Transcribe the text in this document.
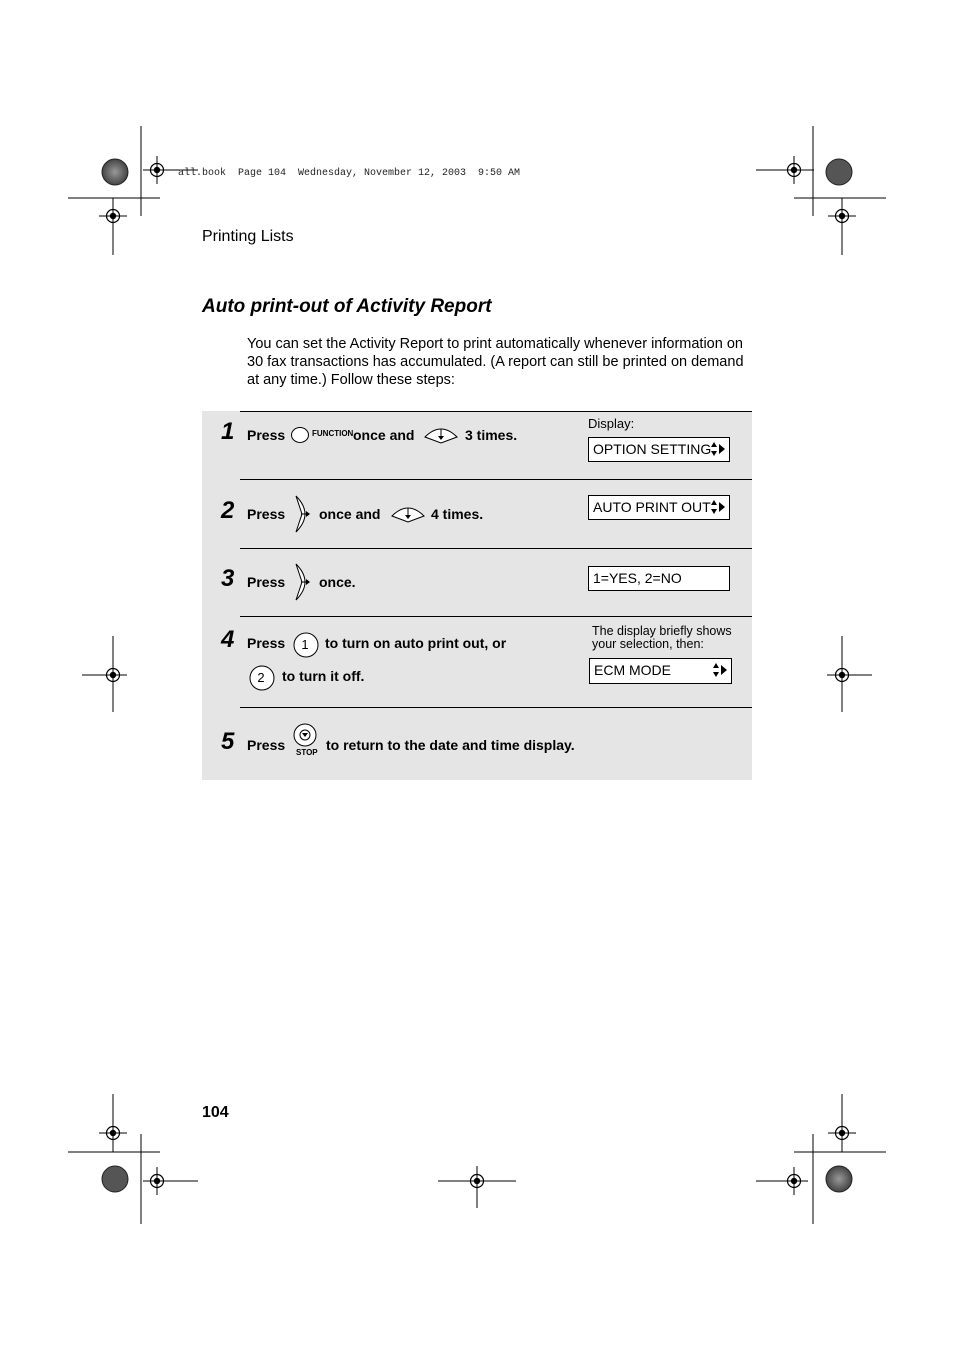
all.book  Page 104  Wednesday, November 12, 2003  9:50 AM
Printing Lists
Auto print-out of Activity Report
You can set the Activity Report to print automatically whenever information on 30 fax transactions has accumulated. (A report can still be printed on demand at any time.) Follow these steps:
1 Press	FUNCTION once and	3 times.
Display:
OPTION SETTING
2 Press once and	4 times.	AUTO PRINT OUT
3 Press once.	1=YES, 2=NO
4 Press	1	to turn on auto print out, or
2	to turn it off.
The display briefly shows your selection, then:
ECM MODE
5 Press STOP to return to the date and time display.
104
